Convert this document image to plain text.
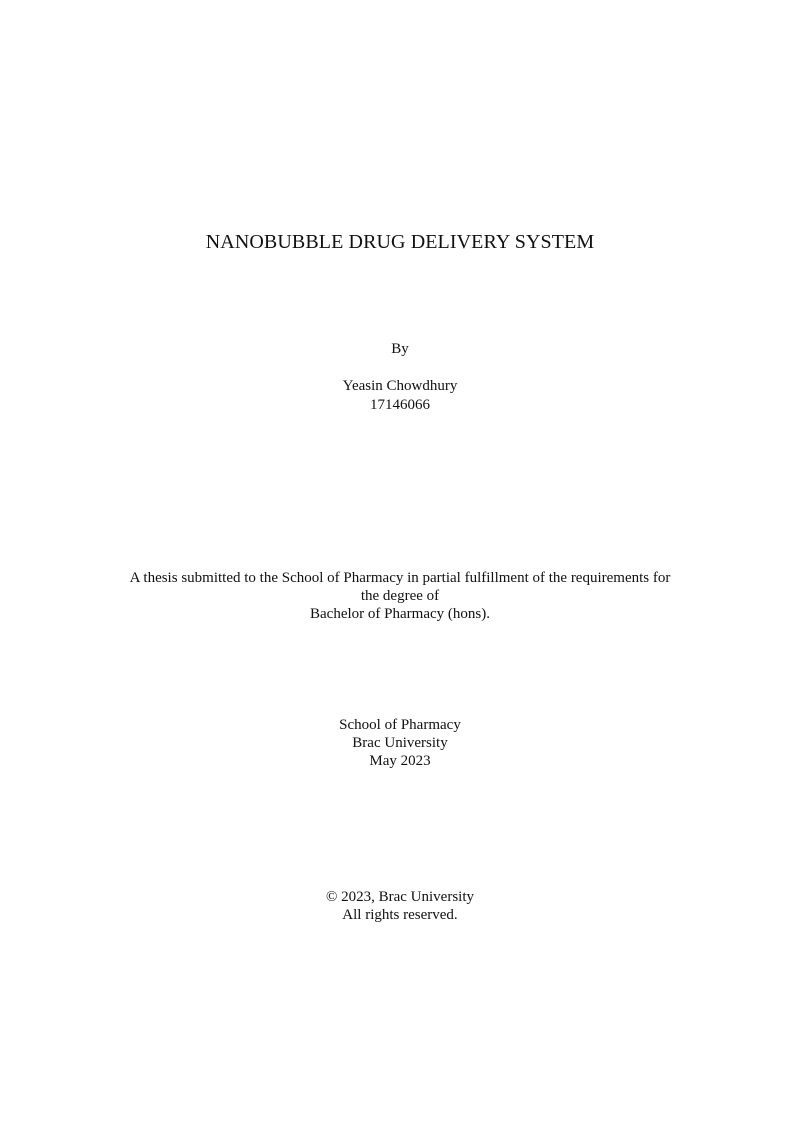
NANOBUBBLE DRUG DELIVERY SYSTEM
By
Yeasin Chowdhury
17146066
A thesis submitted to the School of Pharmacy in partial fulfillment of the requirements for
the degree of
Bachelor of Pharmacy (hons).
School of Pharmacy
Brac University
May 2023
© 2023, Brac University
All rights reserved.
